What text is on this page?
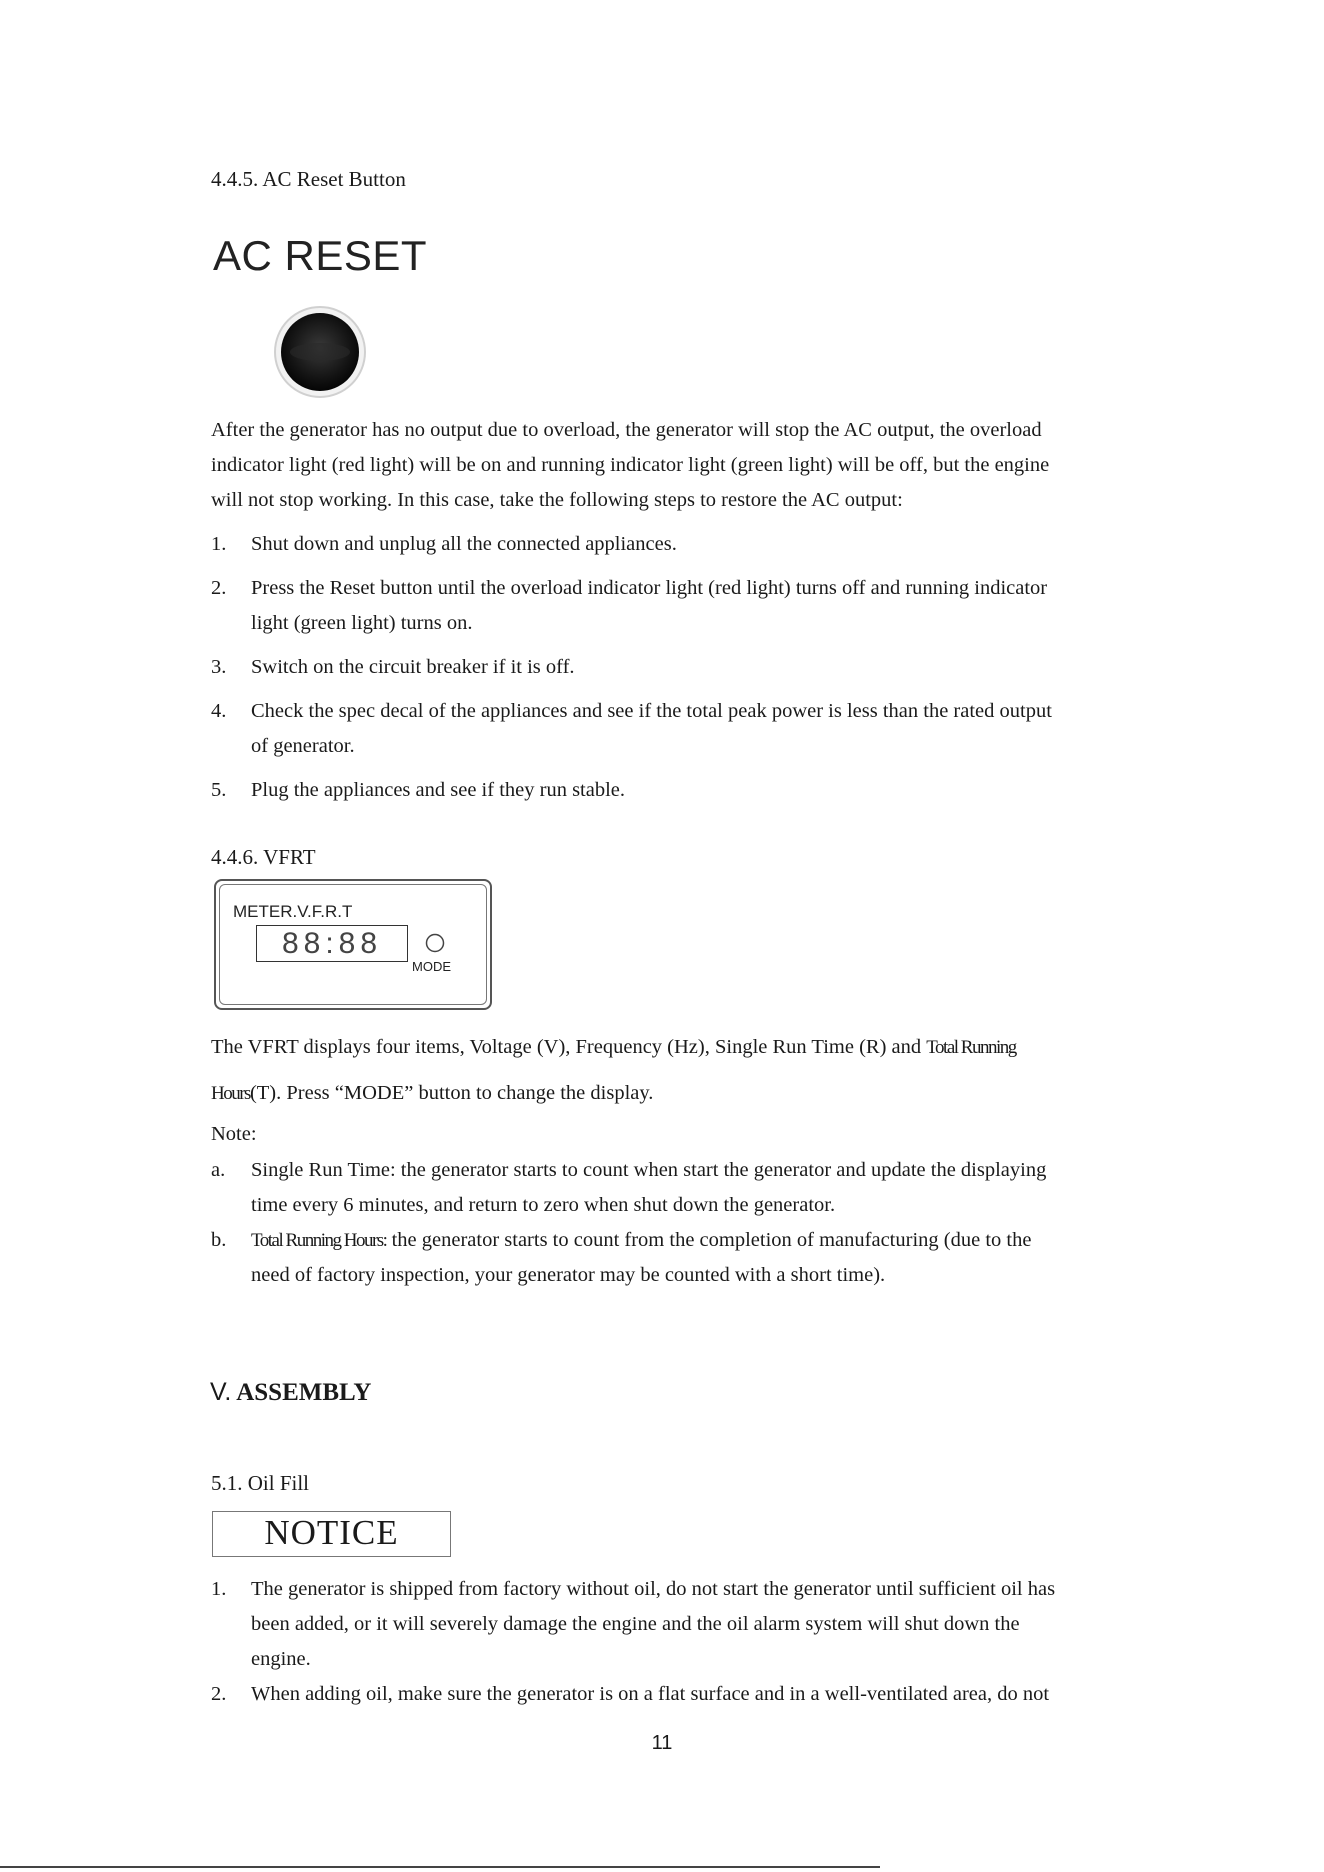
4.4.5. AC Reset Button
AC RESET
After the generator has no output due to overload, the generator will stop the AC output, the overload
indicator light (red light) will be on and running indicator light (green light) will be off, but the engine
will not stop working. In this case, take the following steps to restore the AC output:
1. Shut down and unplug all the connected appliances.
2. Press the Reset button until the overload indicator light (red light) turns off and running indicator
light (green light) turns on.
3. Switch on the circuit breaker if it is off.
4. Check the spec decal of the appliances and see if the total peak power is less than the rated output
of generator.
5. Plug the appliances and see if they run stable.
4.4.6. VFRT
METER.V.F.R.T
88:88
MODE
The VFRT displays four items, Voltage (V), Frequency (Hz), Single Run Time (R) and Total Running
Hours(T). Press “MODE” button to change the display.
Note:
a. Single Run Time: the generator starts to count when start the generator and update the displaying
time every 6 minutes, and return to zero when shut down the generator.
b. Total Running Hours: the generator starts to count from the completion of manufacturing (due to the
need of factory inspection, your generator may be counted with a short time).
V. ASSEMBLY
5.1. Oil Fill
NOTICE
1. The generator is shipped from factory without oil, do not start the generator until sufficient oil has
been added, or it will severely damage the engine and the oil alarm system will shut down the
engine.
2. When adding oil, make sure the generator is on a flat surface and in a well-ventilated area, do not
11
